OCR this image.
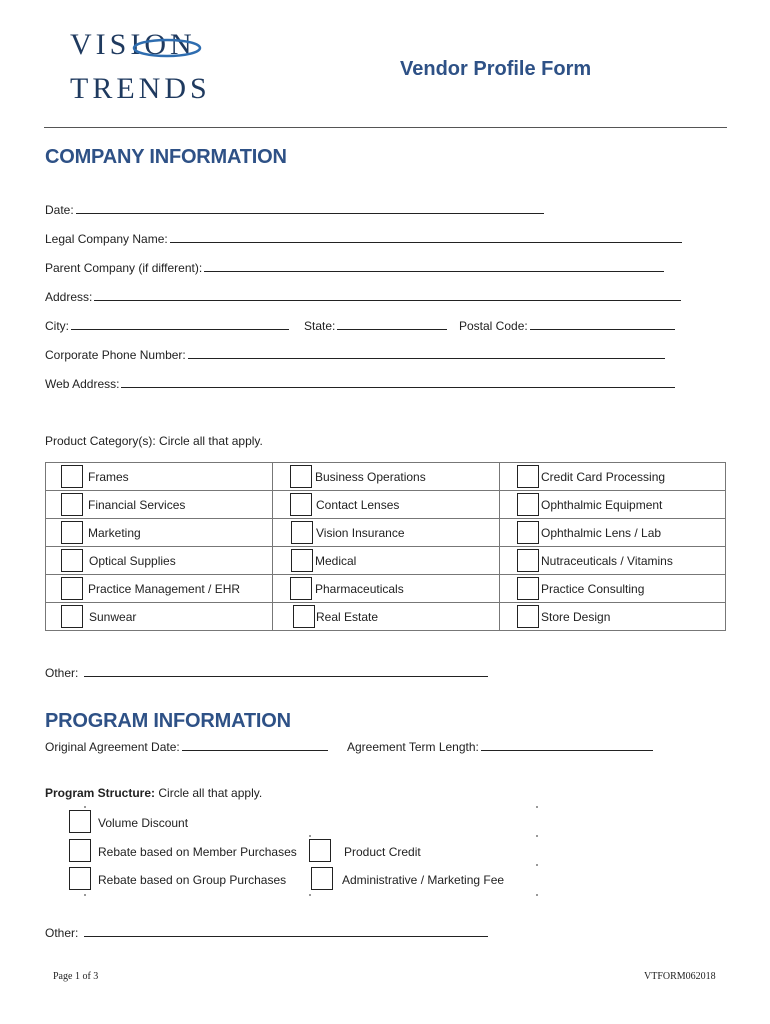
VISION
TRENDS
Vendor Profile Form
COMPANY INFORMATION
Date:
Legal Company Name:
Parent Company (if different):
Address:
City:	State:	Postal Code:
Corporate Phone Number:
Web Address:
Product Category(s): Circle all that apply.
Frames	Business Operations	Credit Card Processing

Financial Services	Contact Lenses	Ophthalmic Equipment

Marketing	Vision Insurance	Ophthalmic Lens / Lab

Optical Supplies	Medical	Nutraceuticals / Vitamins

Practice Management / EHR	Pharmaceuticals	Practice Consulting

Sunwear	Real Estate	Store Design
Other:
PROGRAM INFORMATION
Original Agreement Date:	Agreement Term Length:
Program Structure: Circle all that apply.
Volume Discount
Rebate based on Member Purchases	Product Credit
Rebate based on Group Purchases	Administrative / Marketing Fee
Other:
Page 1 of 3	VTFORM062018
